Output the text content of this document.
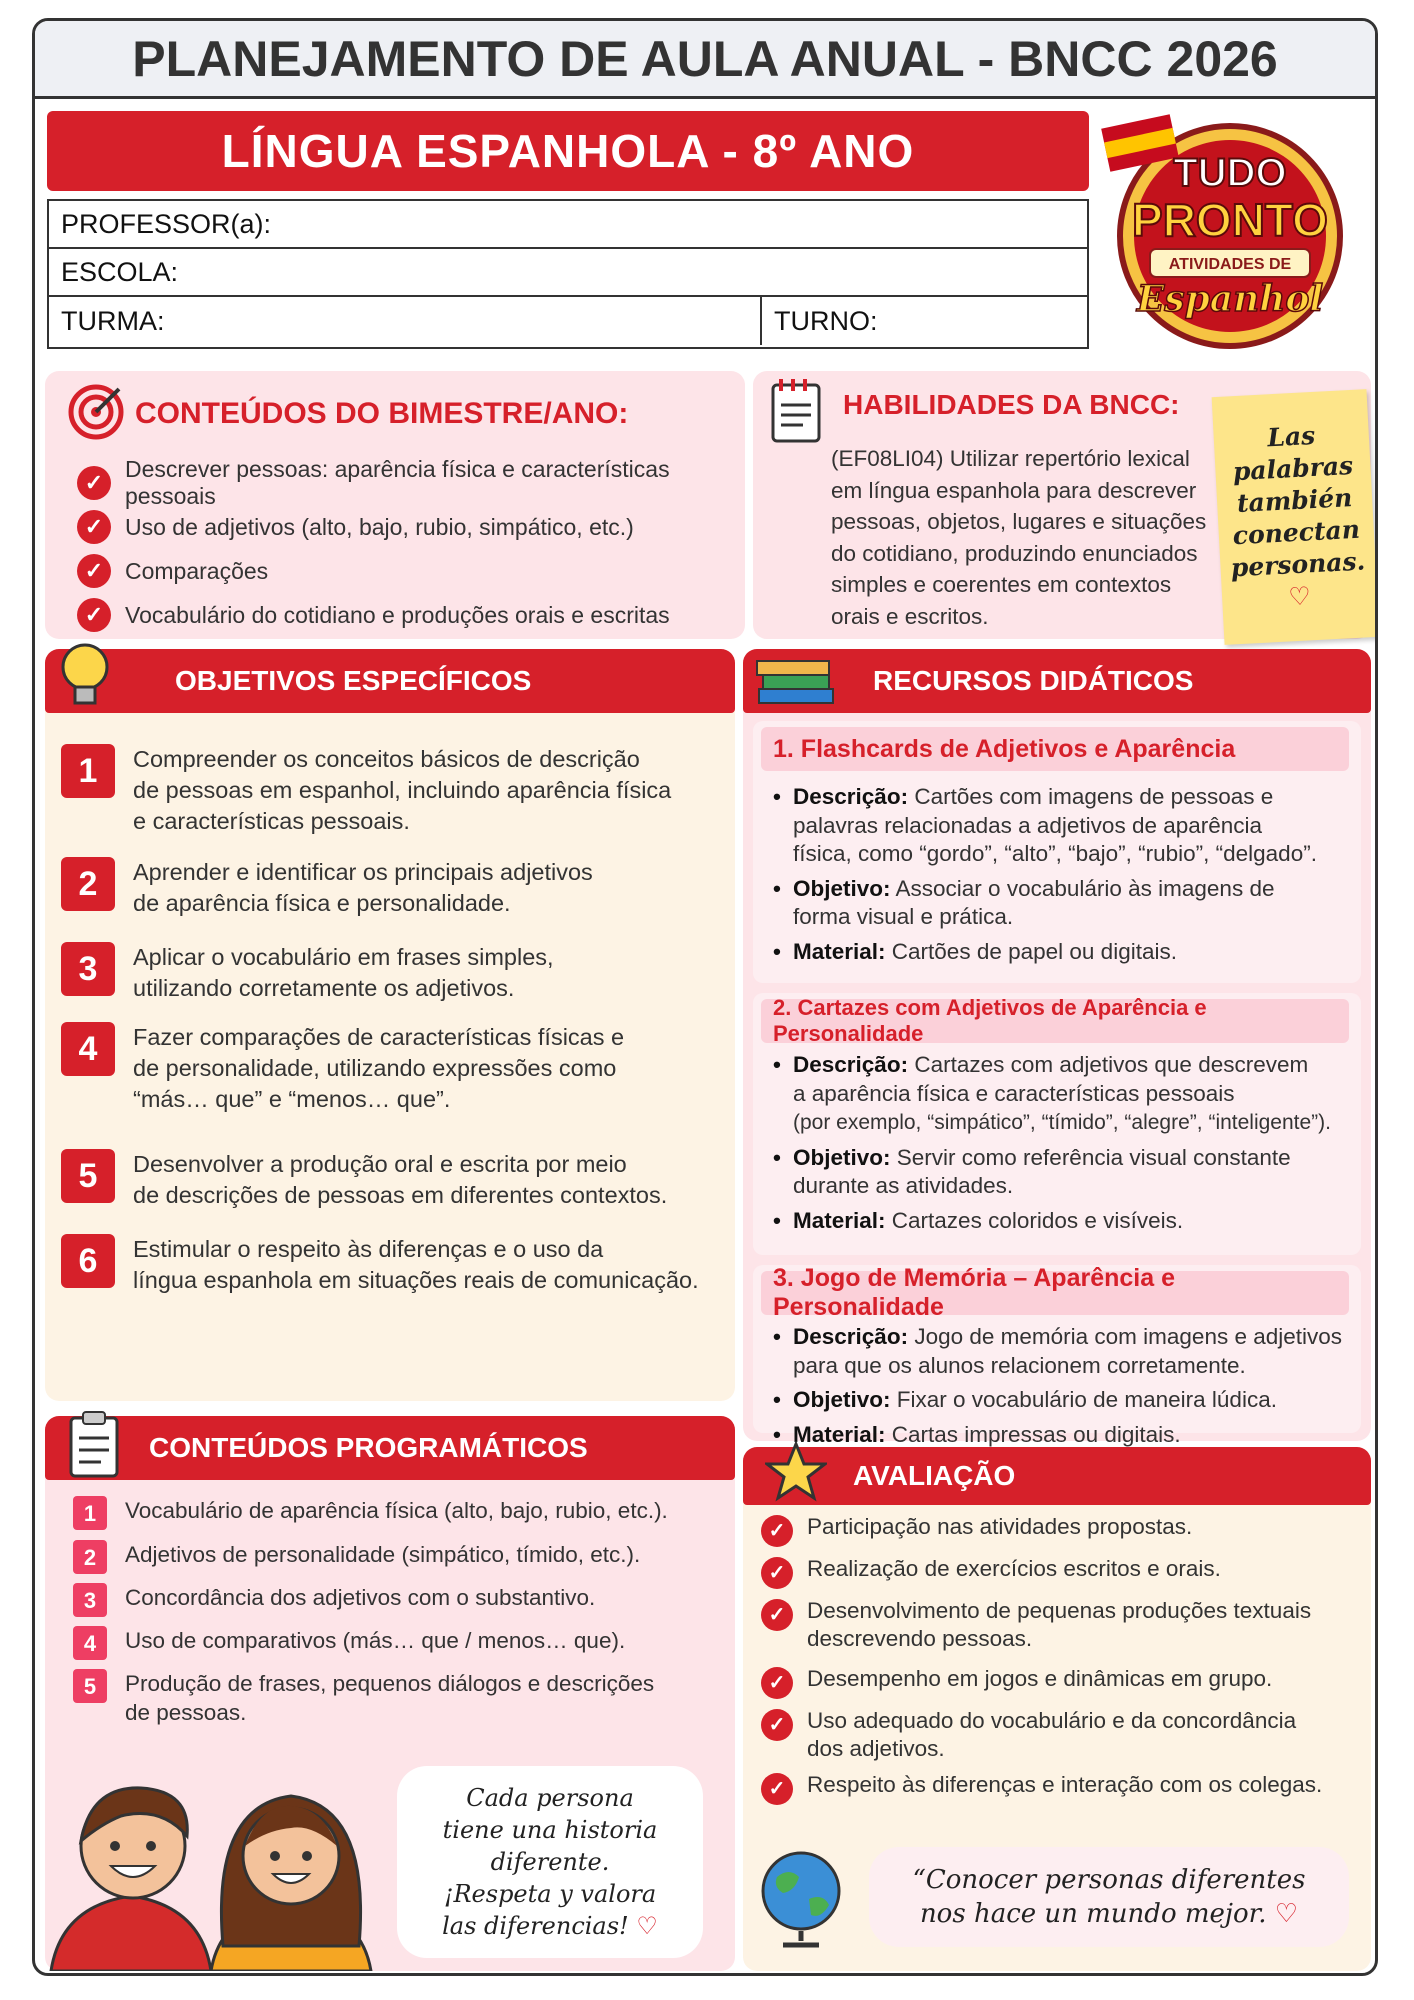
PLANEJAMENTO DE AULA ANUAL - BNCC 2026
LÍNGUA ESPANHOLA - 8º ANO
PROFESSOR(a):
ESCOLA:
TURMA:	TURNO:
TUDO
PRONTO
ATIVIDADES DE
Espanhol
CONTEÚDOS DO BIMESTRE/ANO:
✓
Descrever pessoas: aparência física e características pessoais
✓ Uso de adjetivos (alto, bajo, rubio, simpático, etc.)
✓ Comparações
✓ Vocabulário do cotidiano e produções orais e escritas
HABILIDADES DA BNCC:
(EF08LI04) Utilizar repertório lexical
em língua espanhola para descrever
pessoas, objetos, lugares e situações
do cotidiano, produzindo enunciados
simples e coerentes em contextos
orais e escritos.
Las
palabras
también
conectan
personas.
♡
OBJETIVOS ESPECÍFICOS
1	Compreender os conceitos básicos de descrição
de pessoas em espanhol, incluindo aparência física
e características pessoais.
2	Aprender e identificar os principais adjetivos
de aparência física e personalidade.
3	Aplicar o vocabulário em frases simples,
utilizando corretamente os adjetivos.
4	Fazer comparações de características físicas e
de personalidade, utilizando expressões como
“más… que” e “menos… que”.
5	Desenvolver a produção oral e escrita por meio
de descrições de pessoas em diferentes contextos.
6	Estimular o respeito às diferenças e o uso da
língua espanhola em situações reais de comunicação.
RECURSOS DIDÁTICOS
1. Flashcards de Adjetivos e Aparência
• Descrição: Cartões com imagens de pessoas e
palavras relacionadas a adjetivos de aparência
física, como “gordo”, “alto”, “bajo”, “rubio”, “delgado”.
• Objetivo: Associar o vocabulário às imagens de
forma visual e prática.
• Material: Cartões de papel ou digitais.
2. Cartazes com Adjetivos de Aparência e Personalidade
• Descrição: Cartazes com adjetivos que descrevem
a aparência física e características pessoais
(por exemplo, “simpático”, “tímido”, “alegre”, “inteligente”).
• Objetivo: Servir como referência visual constante
durante as atividades.
• Material: Cartazes coloridos e visíveis.
3. Jogo de Memória – Aparência e Personalidade
• Descrição: Jogo de memória com imagens e adjetivos
para que os alunos relacionem corretamente.
• Objetivo: Fixar o vocabulário de maneira lúdica.
• Material: Cartas impressas ou digitais.
CONTEÚDOS PROGRAMÁTICOS
1	Vocabulário de aparência física (alto, bajo, rubio, etc.).
2	Adjetivos de personalidade (simpático, tímido, etc.).
3	Concordância dos adjetivos com o substantivo.
4	Uso de comparativos (más… que / menos… que).
5	Produção de frases, pequenos diálogos e descrições
de pessoas.
Cada persona
tiene una historia
diferente.
¡Respeta y valora
las diferencias! ♡
AVALIAÇÃO
✓ Participação nas atividades propostas.
✓ Realização de exercícios escritos e orais.
✓ Desenvolvimento de pequenas produções textuais
descrevendo pessoas.
✓ Desempenho em jogos e dinâmicas em grupo.
✓ Uso adequado do vocabulário e da concordância
dos adjetivos.
✓ Respeito às diferenças e interação com os colegas.
“Conocer personas diferentes
nos hace un mundo mejor. ♡
